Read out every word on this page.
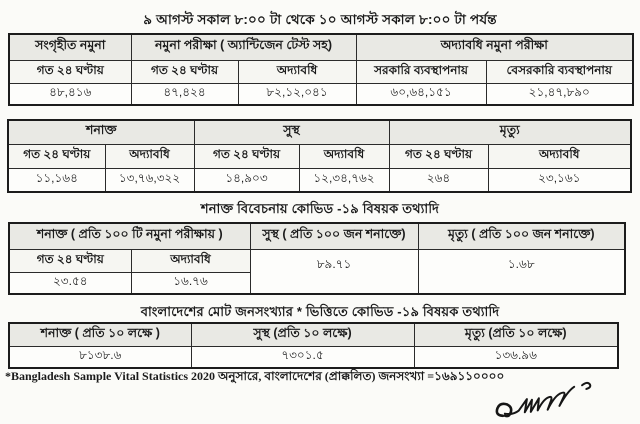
৯ আগস্ট সকাল ৮:০০ টা থেকে ১০ আগস্ট সকাল ৮:০০ টা পর্যন্ত
সংগৃহীত নমুনা	নমুনা পরীক্ষা ( অ্যান্টিজেন টেস্ট সহ)		অদ্যাবধি নমুনা পরীক্ষা	
গত ২৪ ঘণ্টায়	গত ২৪ ঘণ্টায়	অদ্যাবধি	সরকারি ব্যবস্থাপনায়	বেসরকারি ব্যবস্থাপনায়
৪৮,৪১৬	৪৭,৪২৪	৮২,১২,০৪১	৬০,৬৪,১৫১	২১,৪৭,৮৯০
শনাক্ত		সুস্থ		মৃত্যু	
গত ২৪ ঘণ্টায়	অদ্যাবধি	গত ২৪ ঘণ্টায়	অদ্যাবধি	গত ২৪ ঘণ্টায়	অদ্যাবধি
১১,১৬৪	১৩,৭৬,৩২২	১৪,৯০৩	১২,৩৪,৭৬২	২৬৪	২৩,১৬১
শনাক্ত বিবেচনায় কোভিড -১৯ বিষয়ক তথ্যাদি
শনাক্ত ( প্রতি ১০০ টি নমুনা পরীক্ষায় )		সুস্থ ( প্রতি ১০০ জন শনাক্তে)	মৃত্যু ( প্রতি ১০০ জন শনাক্তে)
গত ২৪ ঘণ্টায়	অদ্যাবধি	৮৯.৭১	১.৬৮
২৩.৫৪	১৬.৭৬		
বাংলাদেশের মোট জনসংখ্যার * ভিত্তিতে কোভিড -১৯ বিষয়ক তথ্যাদি
শনাক্ত ( প্রতি ১০ লক্ষে )	সুস্থ (প্রতি ১০ লক্ষে)	মৃত্যু (প্রতি ১০ লক্ষে)
৮১৩৮.৬	৭৩০১.৫	১৩৬.৯৬
*Bangladesh Sample Vital Statistics 2020 অনুসারে, বাংলাদেশের (প্রাক্কলিত) জনসংখ্যা =১৬৯১১০০০০
